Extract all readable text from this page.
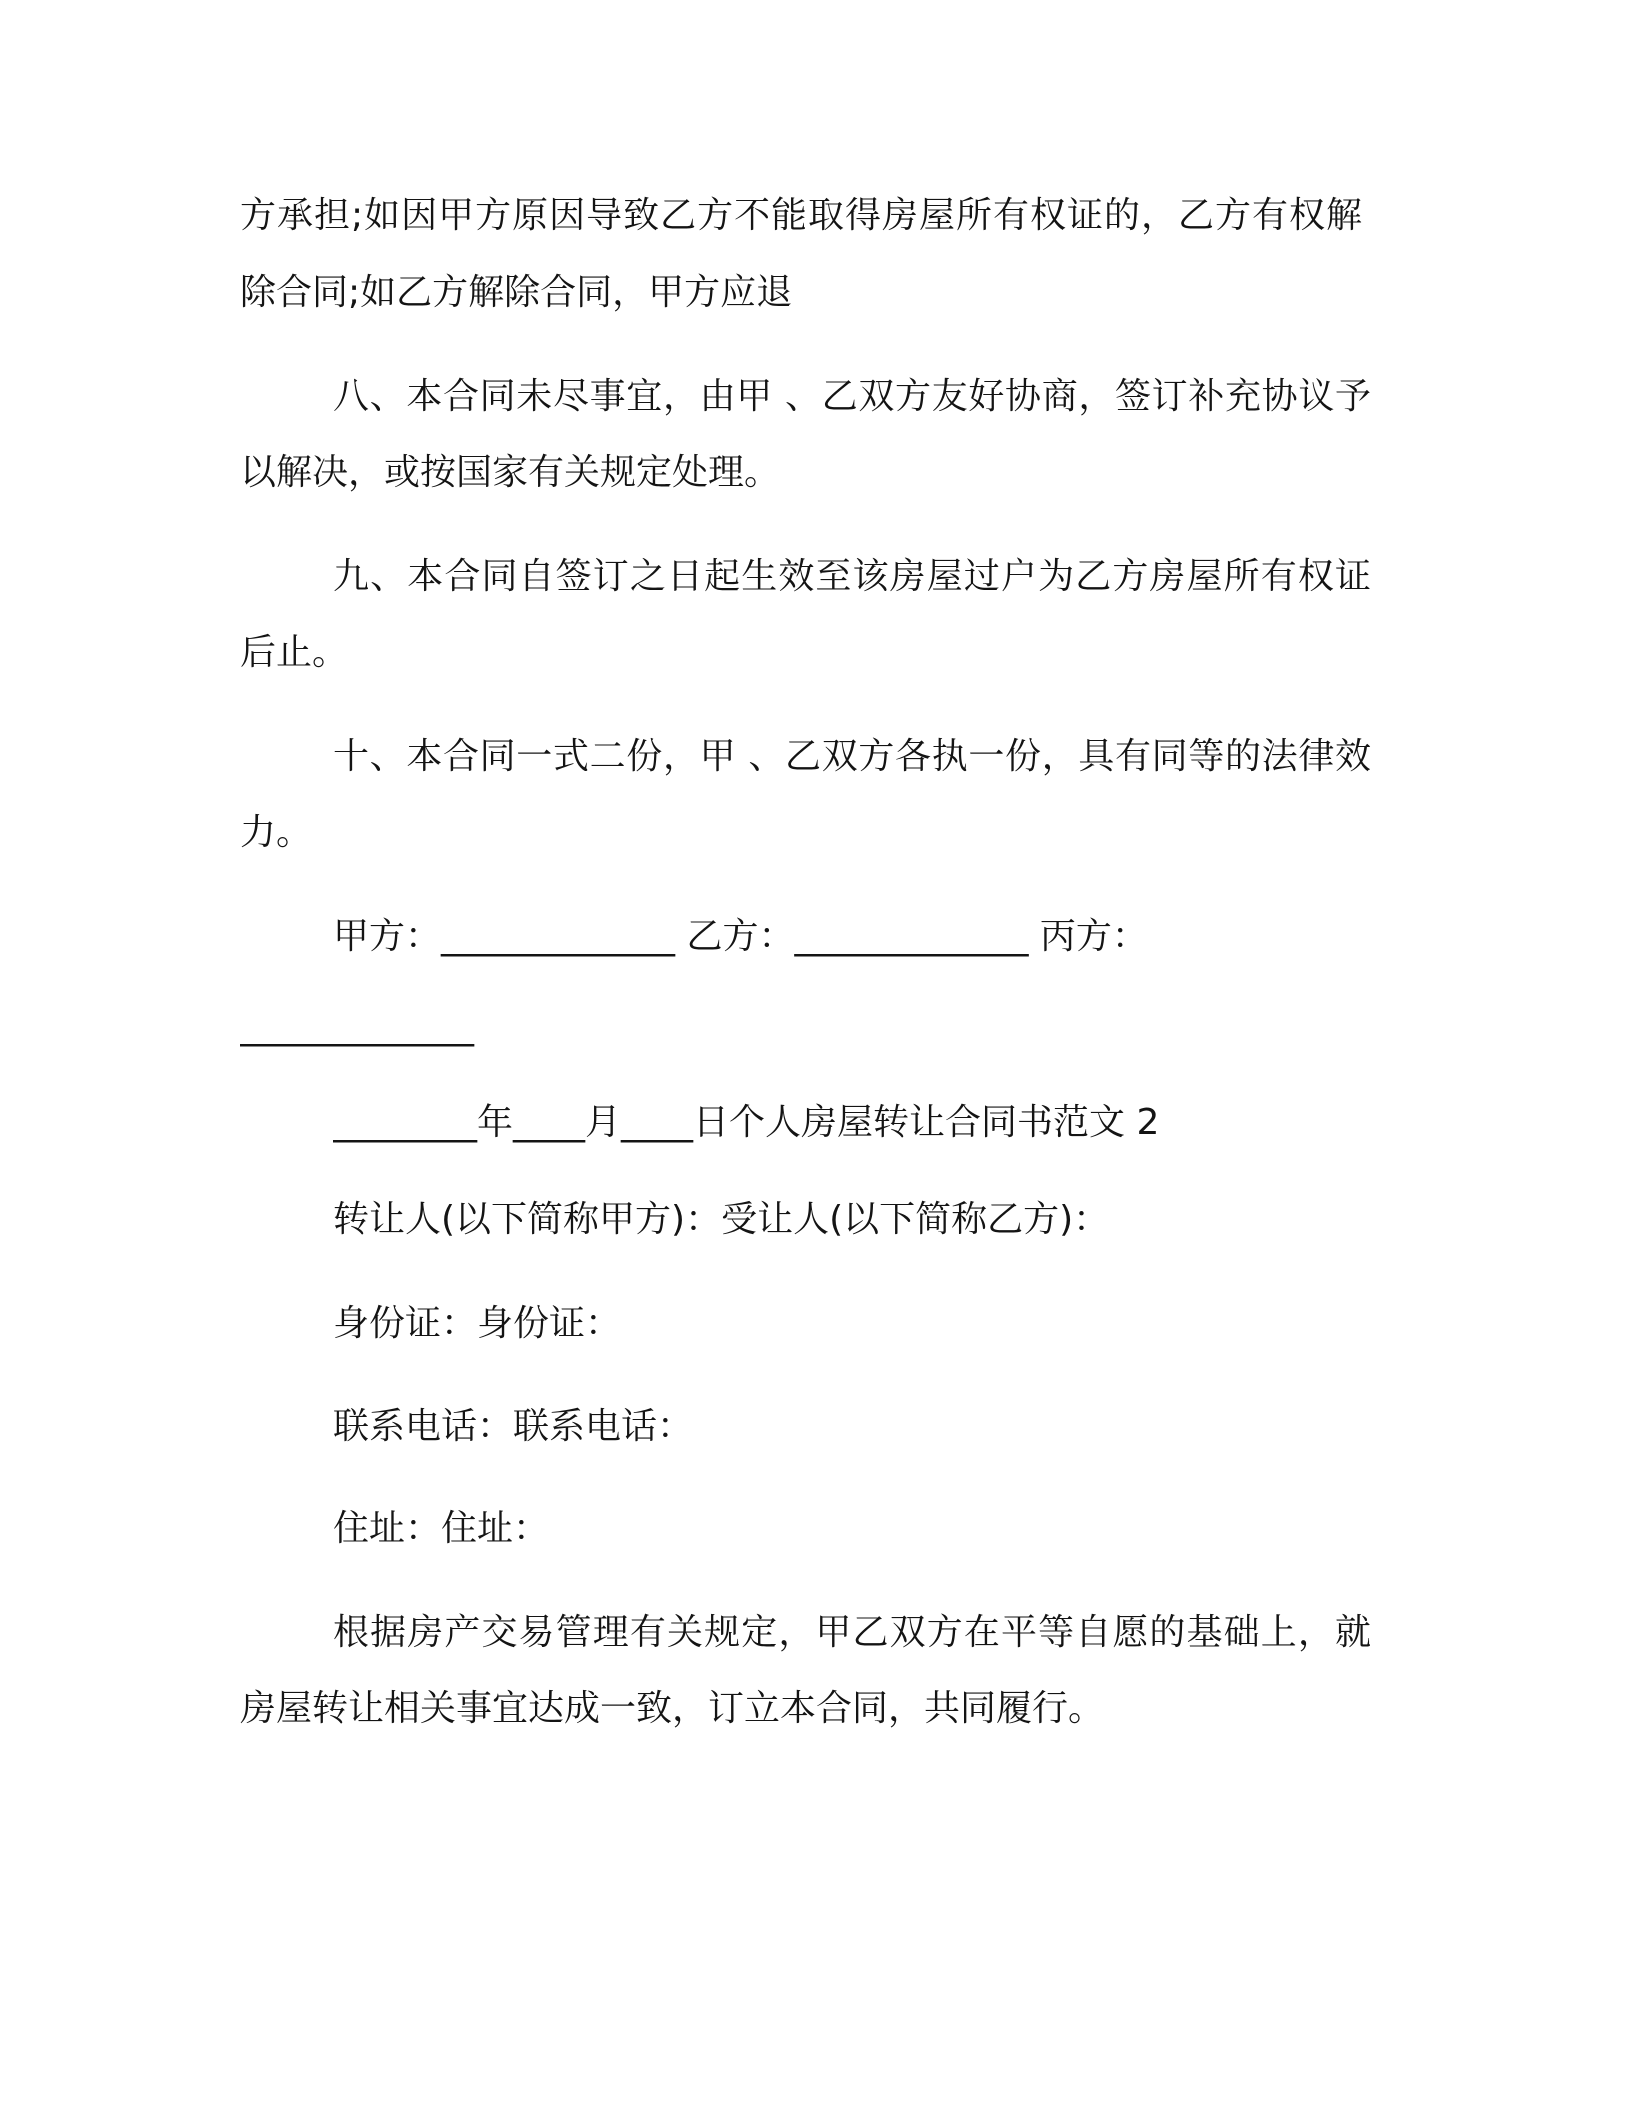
方承担;如因甲方原因导致乙方不能取得房屋所有权证的，乙方有权解
除合同;如乙方解除合同，甲方应退
八、本合同未尽事宜，由甲 、乙双方友好协商，签订补充协议予
以解决，或按国家有关规定处理。
九、本合同自签订之日起生效至该房屋过户为乙方房屋所有权证
后止。
十、本合同一式二份，甲 、乙双方各执一份，具有同等的法律效
力。
甲方：_____________ 乙方：_____________ 丙方：
_____________
________年____月____日个人房屋转让合同书范文 2
转让人(以下简称甲方)：受让人(以下简称乙方)：
身份证：身份证：
联系电话：联系电话：
住址：住址：
根据房产交易管理有关规定，甲乙双方在平等自愿的基础上，就
房屋转让相关事宜达成一致，订立本合同，共同履行。
